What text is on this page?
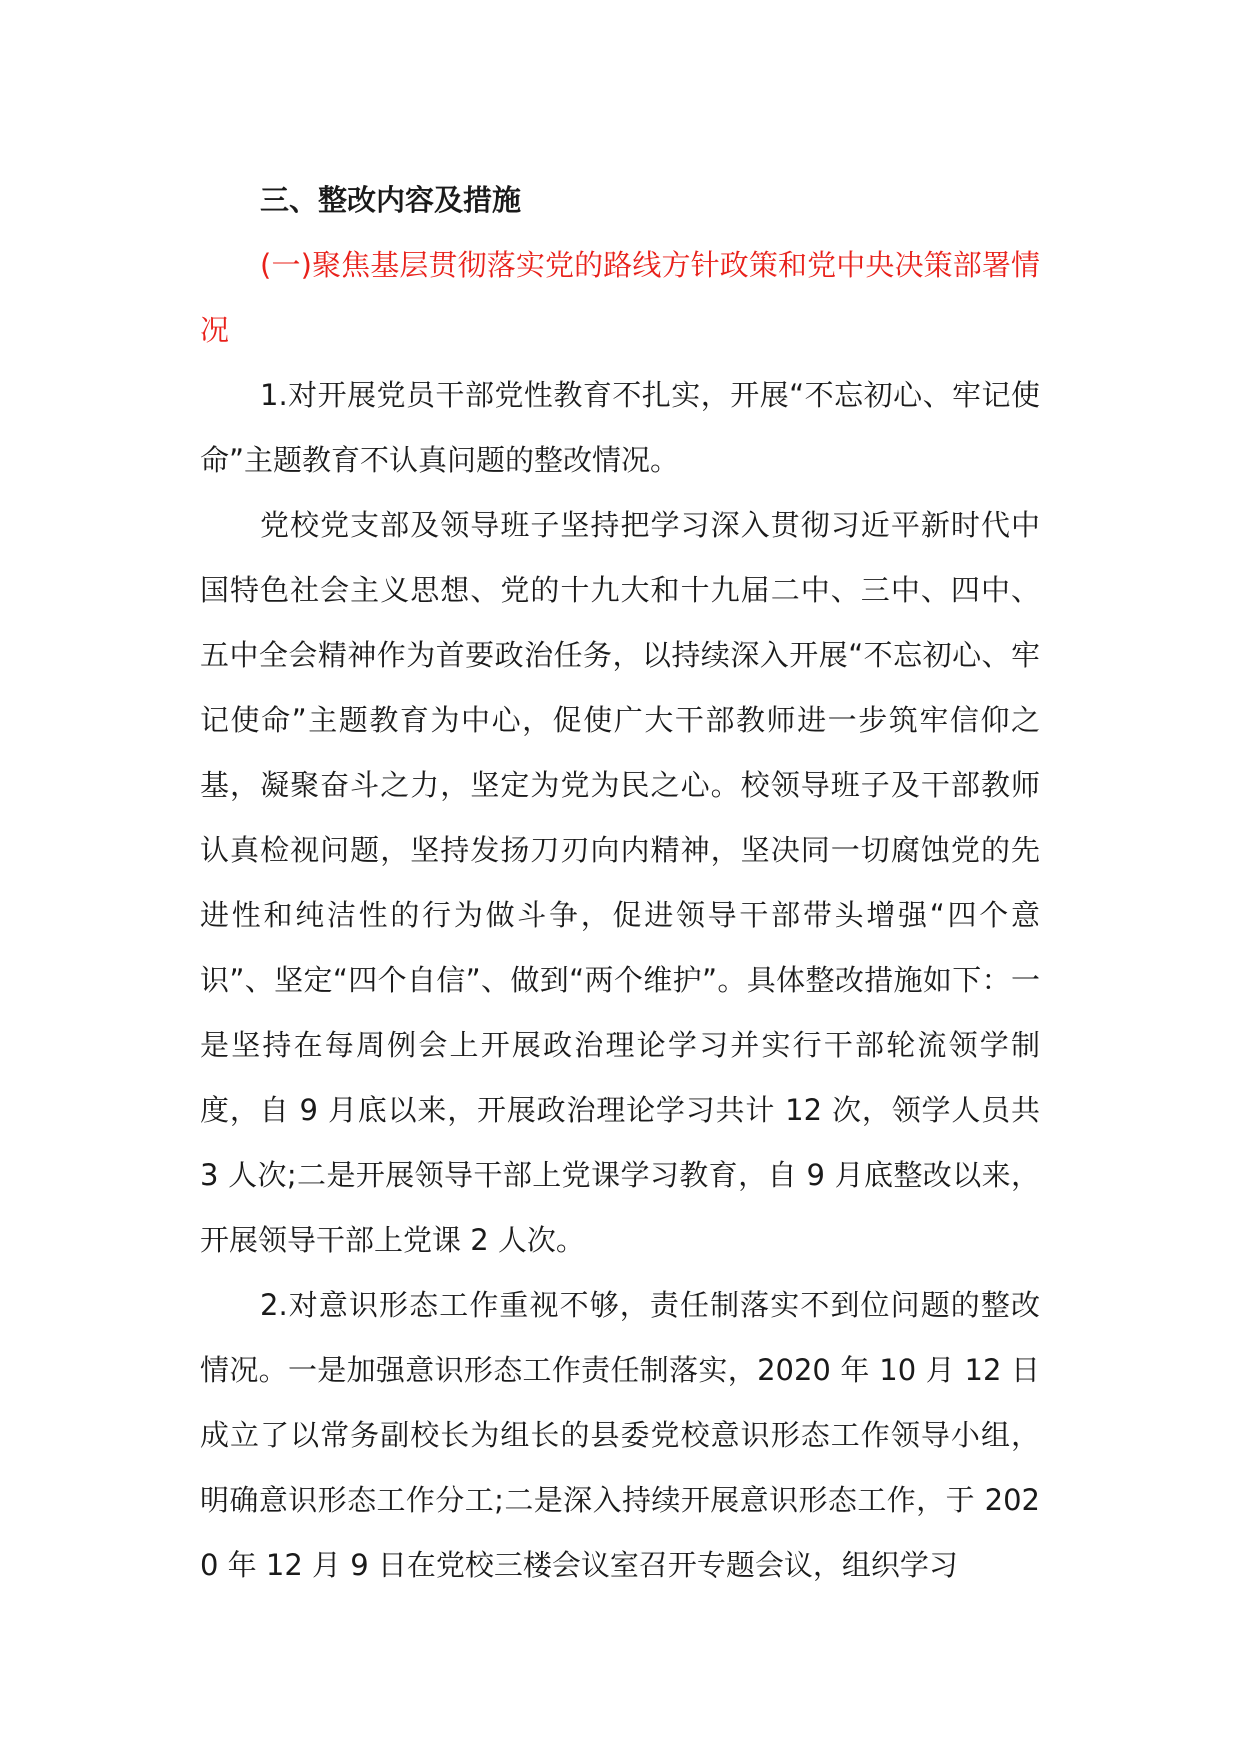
三、整改内容及措施

(一)聚焦基层贯彻落实党的路线方针政策和党中央决策部署情况

1.对开展党员干部党性教育不扎实，开展“不忘初心、牢记使命”主题教育不认真问题的整改情况。

党校党支部及领导班子坚持把学习深入贯彻习近平新时代中国特色社会主义思想、党的十九大和十九届二中、三中、四中、五中全会精神作为首要政治任务，以持续深入开展“不忘初心、牢记使命”主题教育为中心，促使广大干部教师进一步筑牢信仰之基，凝聚奋斗之力，坚定为党为民之心。校领导班子及干部教师认真检视问题，坚持发扬刀刃向内精神，坚决同一切腐蚀党的先进性和纯洁性的行为做斗争，促进领导干部带头增强“四个意识”、坚定“四个自信”、做到“两个维护”。具体整改措施如下：一是坚持在每周例会上开展政治理论学习并实行干部轮流领学制度，自 9 月底以来，开展政治理论学习共计 12 次，领学人员共 3 人次;二是开展领导干部上党课学习教育，自 9 月底整改以来，开展领导干部上党课 2 人次。

2.对意识形态工作重视不够，责任制落实不到位问题的整改情况。一是加强意识形态工作责任制落实，2020 年 10 月 12 日成立了以常务副校长为组长的县委党校意识形态工作领导小组，明确意识形态工作分工;二是深入持续开展意识形态工作，于 2020 年 12 月 9 日在党校三楼会议室召开专题会议，组织学习
